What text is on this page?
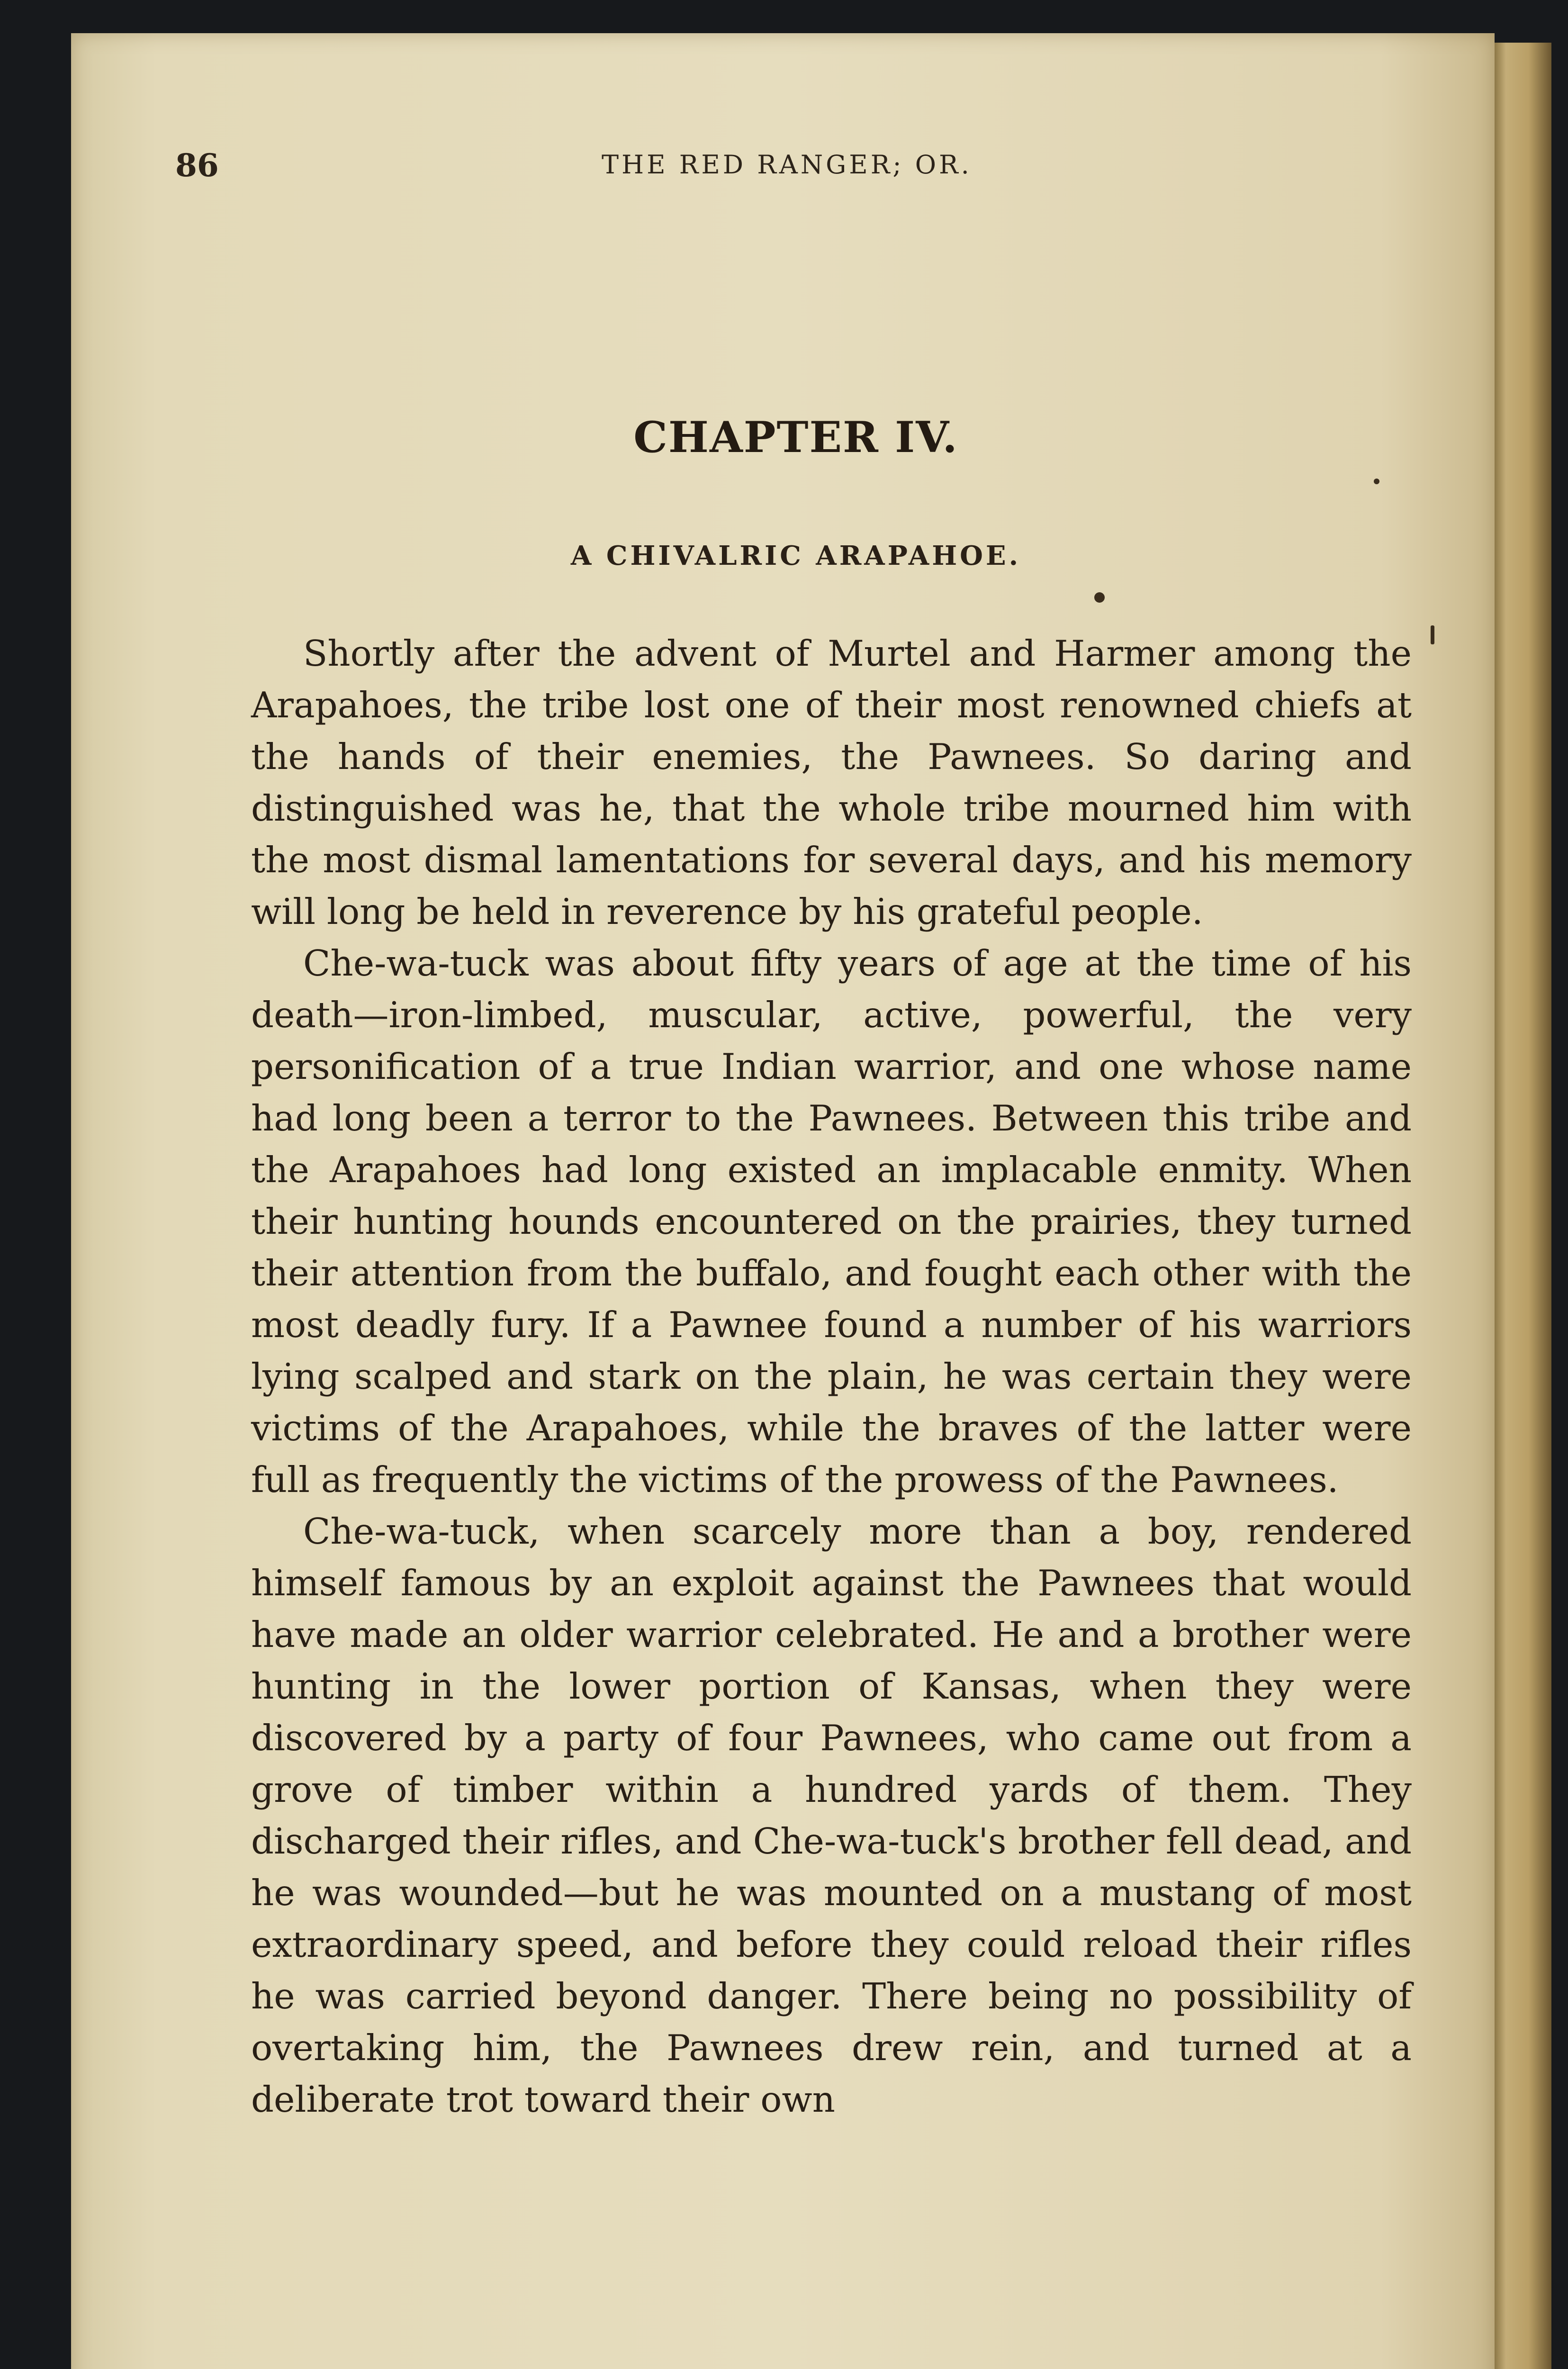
86	THE RED RANGER; OR.
CHAPTER IV.
A CHIVALRIC ARAPAHOE.

Shortly after the advent of Murtel and Harmer among the Arapahoes, the tribe lost one of their most renowned chiefs at the hands of their enemies, the Pawnees. So daring and distinguished was he, that the whole tribe mourned him with the most dismal lamentations for several days, and his memory will long be held in reverence by his grateful people.

Che-wa-tuck was about fifty years of age at the time of his death—iron-limbed, muscular, active, powerful, the very personification of a true Indian warrior, and one whose name had long been a terror to the Pawnees. Between this tribe and the Arapahoes had long existed an implacable enmity. When their hunting hounds encountered on the prairies, they turned their attention from the buffalo, and fought each other with the most deadly fury. If a Pawnee found a number of his warriors lying scalped and stark on the plain, he was certain they were victims of the Arapahoes, while the braves of the latter were full as frequently the victims of the prowess of the Pawnees.

Che-wa-tuck, when scarcely more than a boy, rendered himself famous by an exploit against the Pawnees that would have made an older warrior celebrated. He and a brother were hunting in the lower portion of Kansas, when they were discovered by a party of four Pawnees, who came out from a grove of timber within a hundred yards of them. They discharged their rifles, and Che-wa-tuck's brother fell dead, and he was wounded—but he was mounted on a mustang of most extraordinary speed, and before they could reload their rifles he was carried beyond danger. There being no possibility of overtaking him, the Pawnees drew rein, and turned at a deliberate trot toward their own
